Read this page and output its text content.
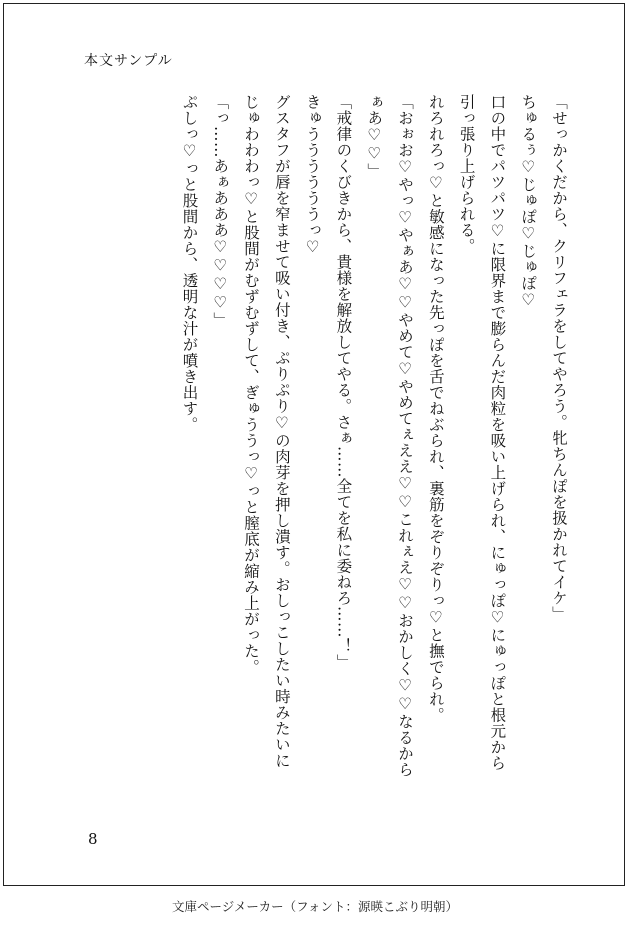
本文サンプル

「せっかくだから、クリフェラをしてやろう。牝ちんぽを扱かれてイケ」

ちゅるぅ♡じゅぽ♡じゅぽ♡

口の中でパツパツ♡に限界まで膨らんだ肉粒を吸い上げられ、にゅっぽ♡にゅっぽと根元から引っ張り上げられる。

れろれろっ♡と敏感になった先っぽを舌でねぶられ、裏筋をぞりぞりっ♡と撫でられ。

「おぉお♡やっ♡やぁあ♡♡やめて♡やめてぇええ♡♡これぇえ♡♡おかしく♡♡なるからぁあ♡♡」

「戒律のくびきから、貴様を解放してやる。さぁ……全てを私に委ねろ……！」

きゅううううううっ♡

グスタフが唇を窄ませて吸い付き、ぷりぷり♡の肉芽を押し潰す。おしっこしたい時みたいにじゅわわわっ♡と股間がむずむずして、ぎゅううっ♡っと膣底が縮み上がった。

「っ……あぁあああ♡♡♡♡」

ぷしっ♡っと股間から、透明な汁が噴き出す。

8
文庫ページメーカー（フォント：源暎こぶり明朝）
